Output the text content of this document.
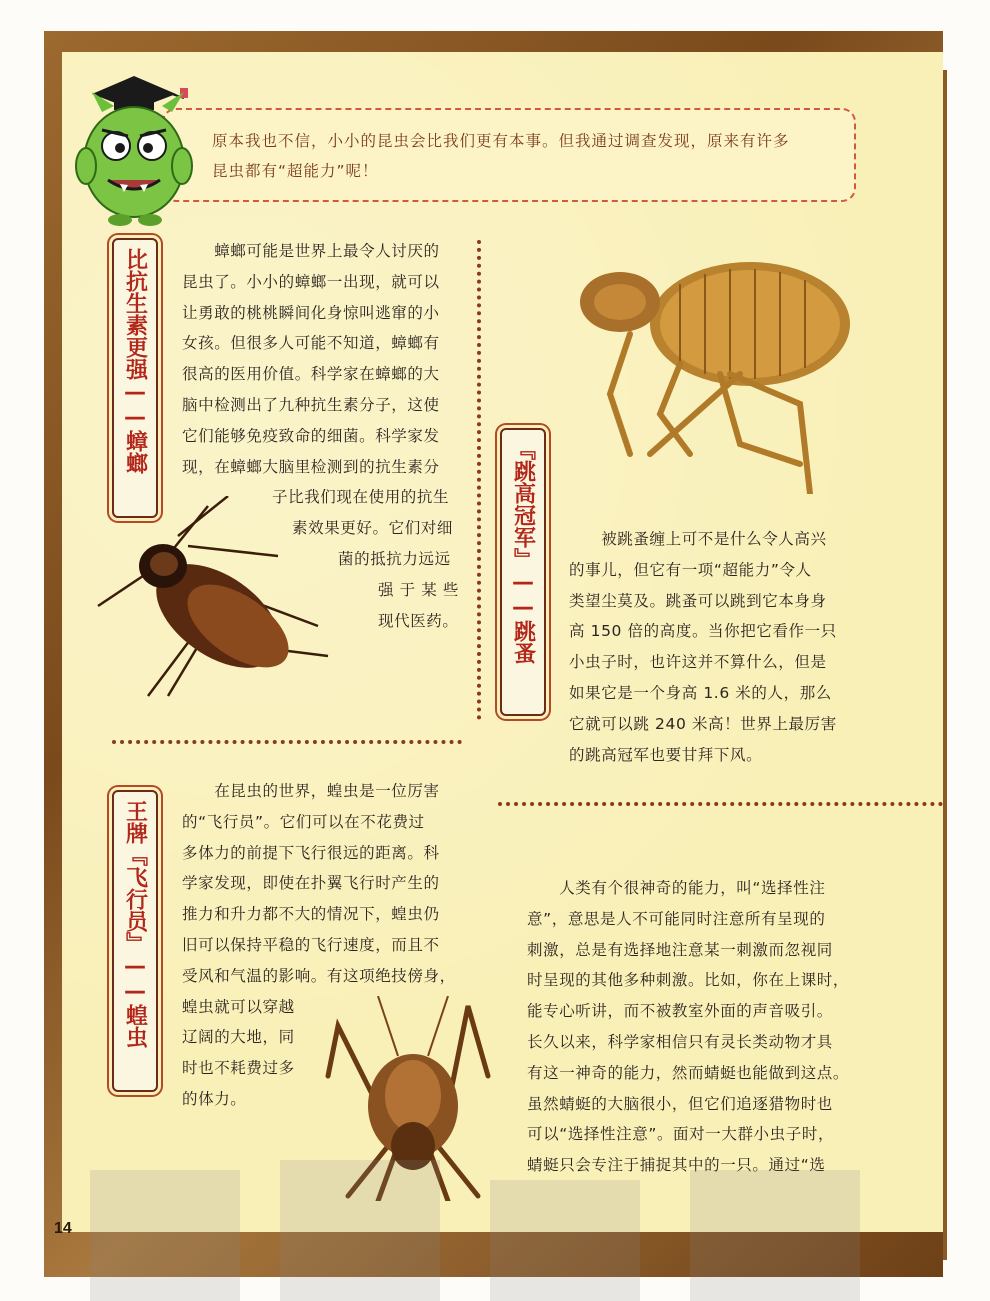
原本我也不信，小小的昆虫会比我们更有本事。但我通过调查发现，原来有许多
昆虫都有“超能力”呢！
比抗生素更强——蟑螂 　　蟑螂可能是世界上最令人讨厌的
昆虫了。小小的蟑螂一出现，就可以
让勇敢的桃桃瞬间化身惊叫逃窜的小
女孩。但很多人可能不知道，蟑螂有
很高的医用价值。科学家在蟑螂的大
脑中检测出了九种抗生素分子，这使
它们能够免疫致命的细菌。科学家发
现，在蟑螂大脑里检测到的抗生素分
子比我们现在使用的抗生
素效果更好。它们对细
菌的抵抗力远远
强 于 某 些
现代医药。 『跳高冠军』——跳蚤 　　被跳蚤缠上可不是什么令人高兴
的事儿，但它有一项“超能力”令人
类望尘莫及。跳蚤可以跳到它本身身
高 150 倍的高度。当你把它看作一只
小虫子时，也许这并不算什么，但是
如果它是一个身高 1.6 米的人，那么
它就可以跳 240 米高！世界上最厉害
的跳高冠军也要甘拜下风。
王牌『飞行员』——蝗虫
　　在昆虫的世界，蝗虫是一位厉害
的“飞行员”。它们可以在不花费过
多体力的前提下飞行很远的距离。科
学家发现，即使在扑翼飞行时产生的
推力和升力都不大的情况下，蝗虫仍
旧可以保持平稳的飞行速度，而且不
受风和气温的影响。有这项绝技傍身，
蝗虫就可以穿越
辽阔的大地，同
时也不耗费过多
的体力。
　　人类有个很神奇的能力，叫“选择性注
意”，意思是人不可能同时注意所有呈现的
刺激，总是有选择地注意某一刺激而忽视同
时呈现的其他多种刺激。比如，你在上课时，
能专心听讲，而不被教室外面的声音吸引。
长久以来，科学家相信只有灵长类动物才具
有这一神奇的能力，然而蜻蜓也能做到这点。
虽然蜻蜓的大脑很小，但它们追逐猎物时也
可以“选择性注意”。面对一大群小虫子时，
蜻蜓只会专注于捕捉其中的一只。通过“选
14
